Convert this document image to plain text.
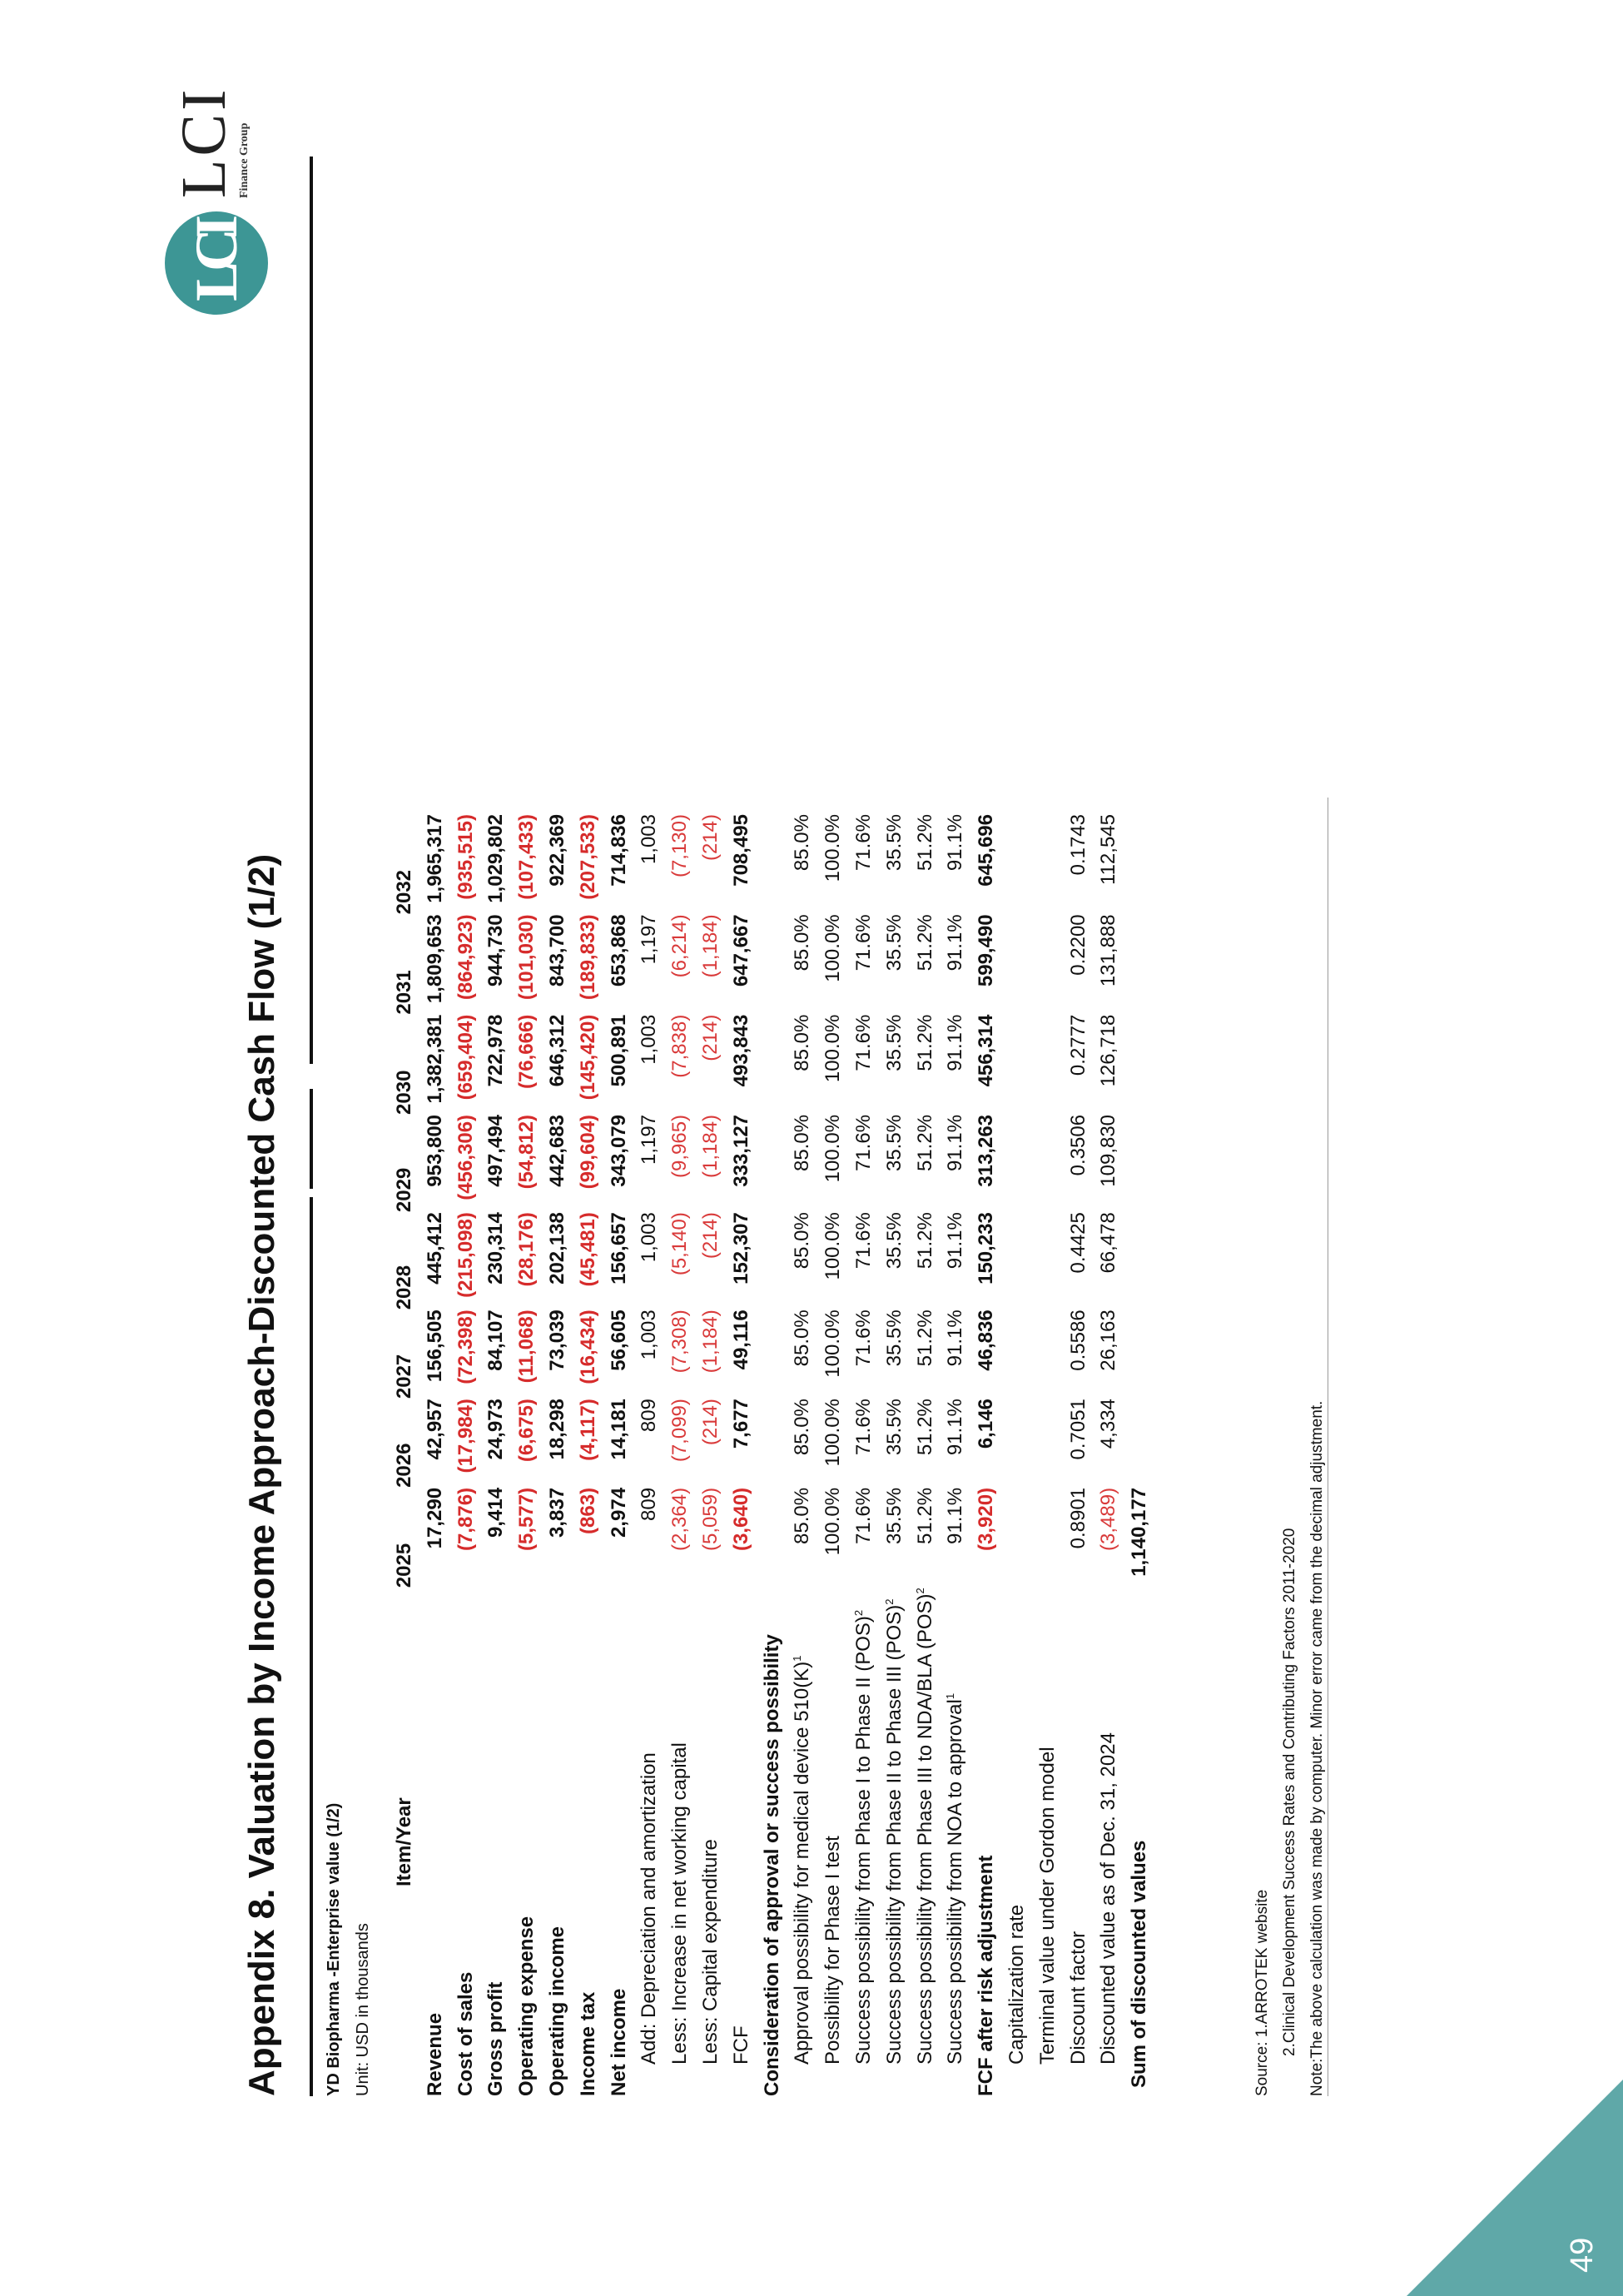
Appendix 8. Valuation by Income Approach-Discounted Cash Flow (1/2)	YD Biopharma -Enterprise value (1/2) Unit: USD in thousands
Item/Year	2025	2026	2027	2028	2029	2030	2031	2032
Revenue	17,290	42,957	156,505	445,412	953,800	1,382,381	1,809,653	1,965,317
Cost of sales	(7,876)	(17,984)	(72,398)	(215,098)	(456,306)	(659,404)	(864,923)	(935,515)
Gross profit	9,414	24,973	84,107	230,314	497,494	722,978	944,730	1,029,802
Operating expense	(5,577)	(6,675)	(11,068)	(28,176)	(54,812)	(76,666)	(101,030)	(107,433)
Operating income	3,837	18,298	73,039	202,138	442,683	646,312	843,700	922,369
Income tax	(863)	(4,117)	(16,434)	(45,481)	(99,604)	(145,420)	(189,833)	(207,533)
Net income	2,974	14,181	56,605	156,657	343,079	500,891	653,868	714,836
Add: Depreciation and amortization	809	809	1,003	1,003	1,197	1,003	1,197	1,003
Less: Increase in net working capital	(2,364)	(7,099)	(7,308)	(5,140)	(9,965)	(7,838)	(6,214)	(7,130)
Less: Capital expenditure	(5,059)	(214)	(1,184)	(214)	(1,184)	(214)	(1,184)	(214)
FCF	(3,640)	7,677	49,116	152,307	333,127	493,843	647,667	708,495
Consideration of approval or success possibility								
Approval possibility for medical device $510(K)^1$	85.0%	85.0%	85.0%	85.0%	85.0%	85.0%	85.0%	85.0%
Possibility for Phase I test	100.0%	100.0%	100.0%	100.0%	100.0%	100.0%	100.0%	100.0%
Success possibility from Phase I to Phase II (POS)$^2$	71.6%	71.6%	71.6%	71.6%	71.6%	71.6%	71.6%	71.6%
Success possibility from Phase II to Phase III (POS)$^2$	35.5%	35.5%	35.5%	35.5%	35.5%	35.5%	35.5%	35.5%
Success possibility from Phase III to NDA/BLA (POS)$^2$	51.2%	51.2%	51.2%	51.2%	51.2%	51.2%	51.2%	51.2%
Success possibility from NOA to approval$^1$	91.1%	91.1%	91.1%	91.1%	91.1%	91.1%	91.1%	91.1%
FCF after risk adjustment	(3,920)	6,146	46,836	150,233	313,263	456,314	599,490	645,696
Capitalization rate								
Terminal value under Gordon model								
Discount factor	0.8901	0.7051	0.5586	0.4425	0.3506	0.2777	0.2200	0.1743
Discounted value as of Dec. 31, 2024	(3,489)	4,334	26,163	66,478	109,830	126,718	131,888	112,545
Sum of discounted values	1,140,177							
Source: 1.ARROTEK website 2.Clinical Development Success Rates and Contributing Factors 2011-2020 Note:The above calculation was made by computer. Minor error came from the decimal adjustment.
LCI
LCI Finance Group
49
